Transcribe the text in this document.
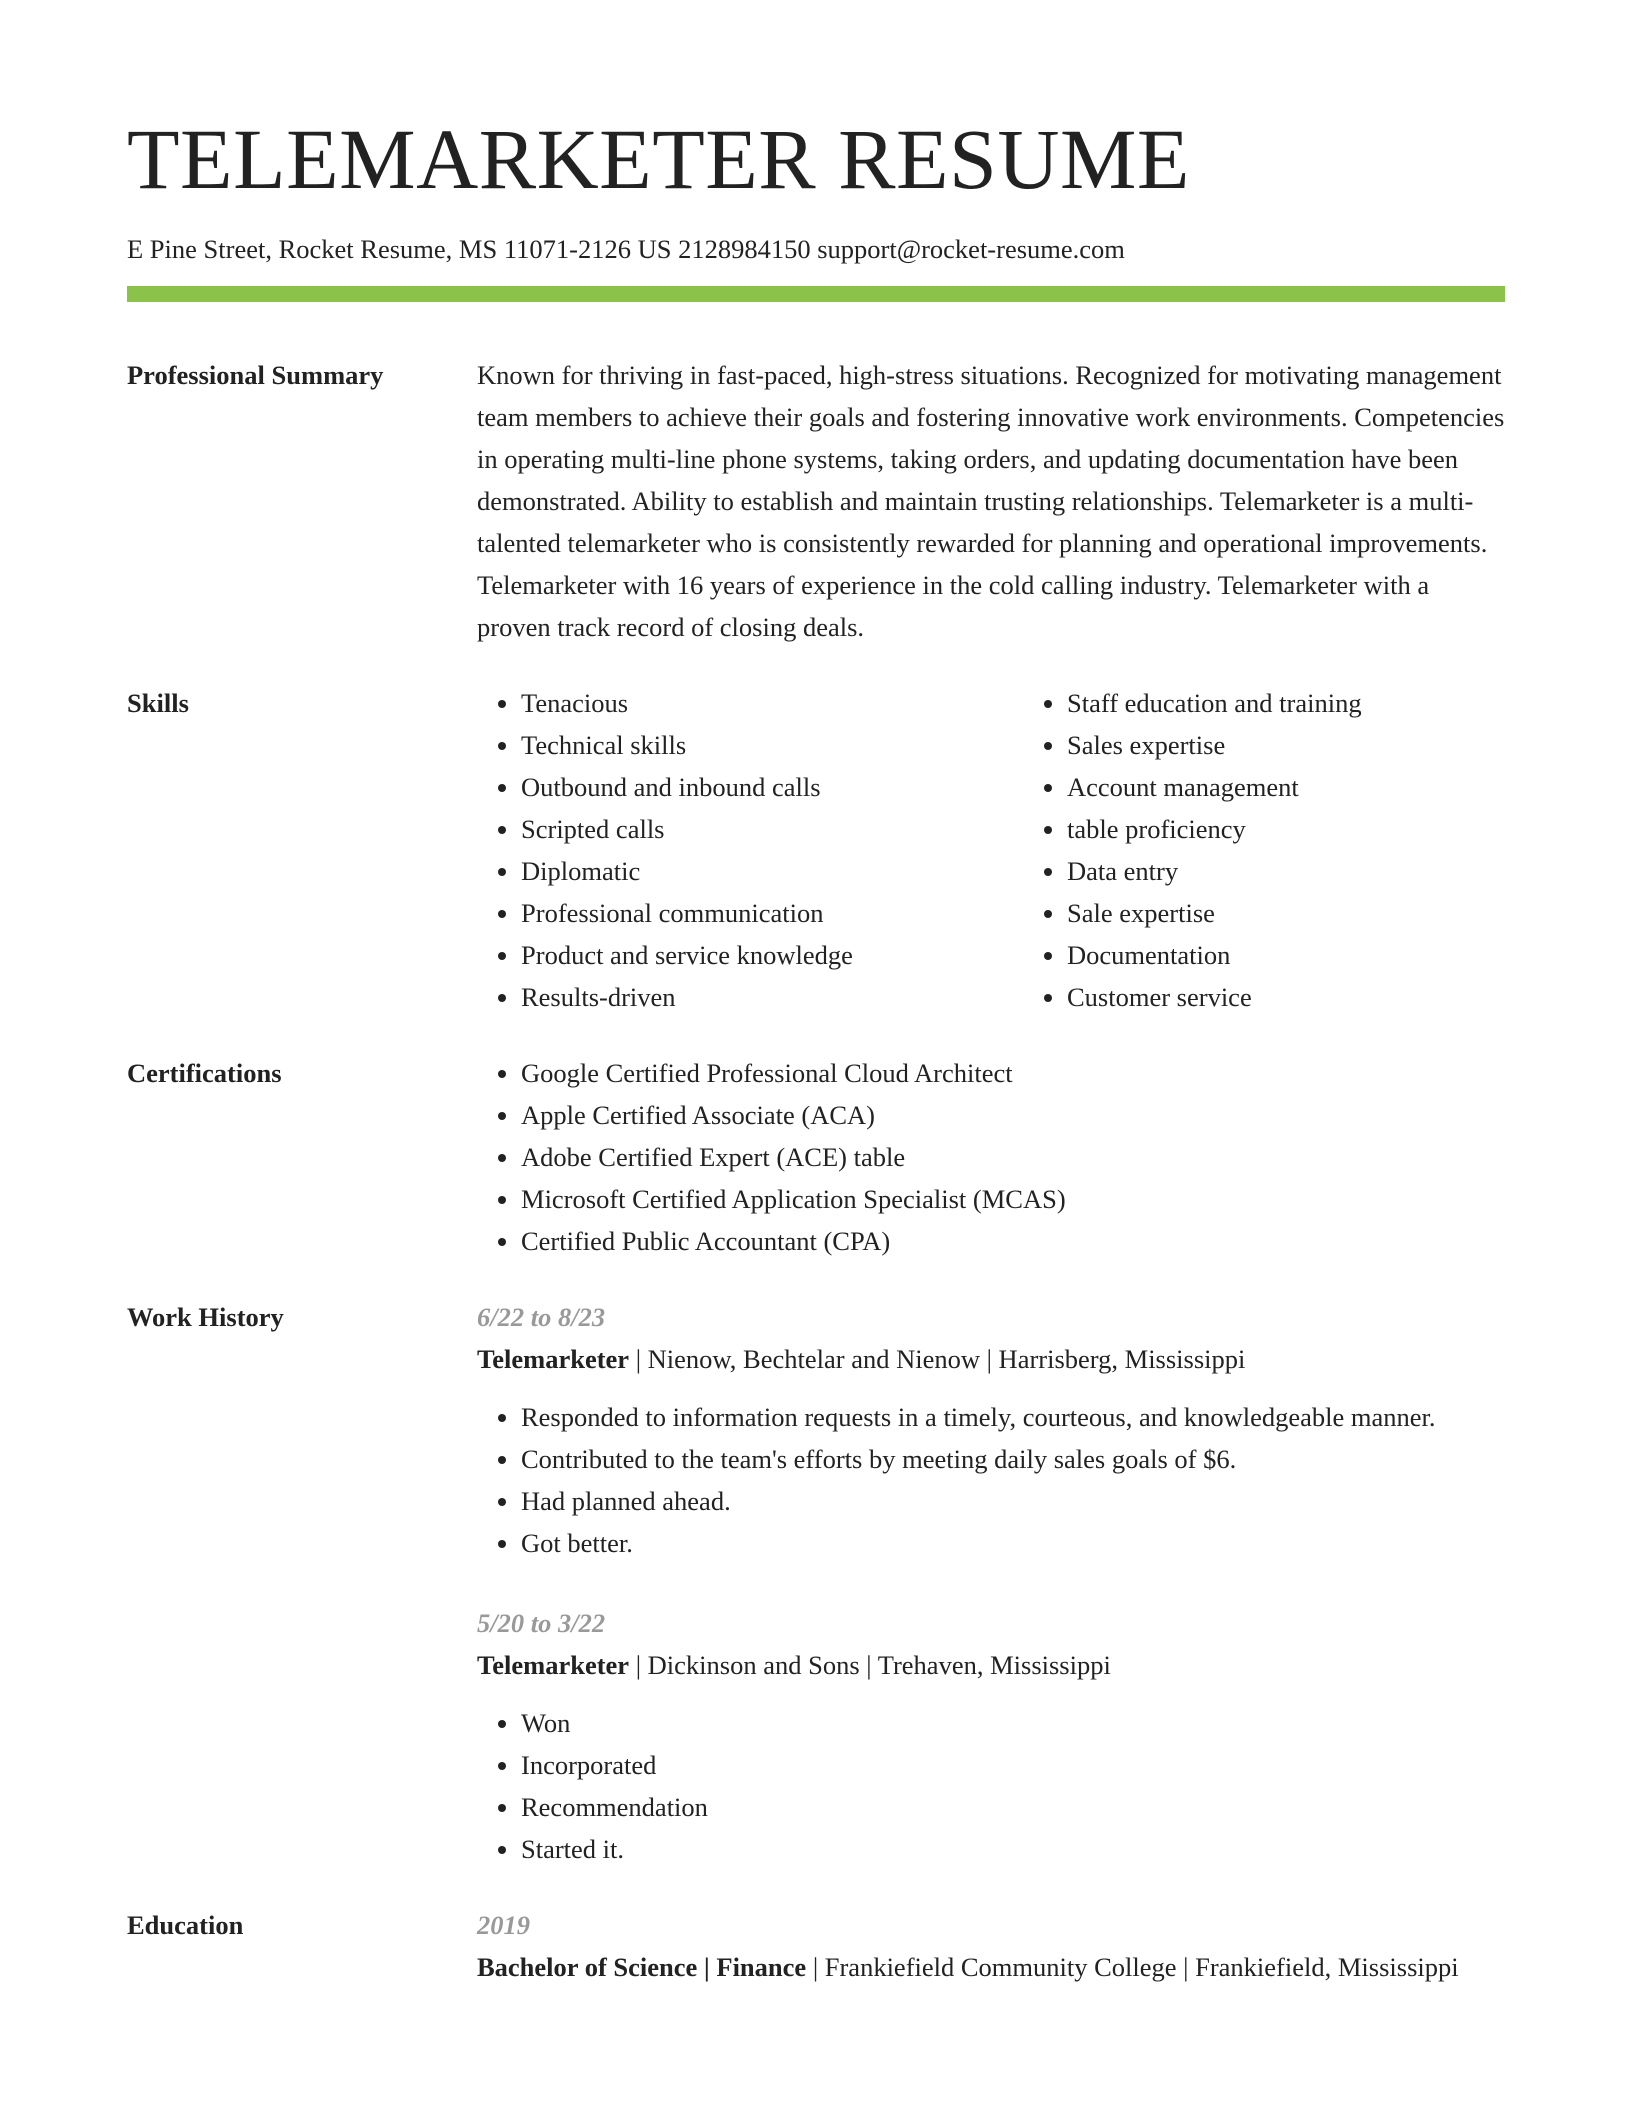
TELEMARKETER RESUME
E Pine Street, Rocket Resume, MS 11071-2126 US 2128984150 support@rocket-resume.com
Professional Summary	Known for thriving in fast-paced, high-stress situations. Recognized for motivating management team members to achieve their goals and fostering innovative work environments. Competencies in operating multi-line phone systems, taking orders, and updating documentation have been demonstrated. Ability to establish and maintain trusting relationships. Telemarketer is a multi-talented telemarketer who is consistently rewarded for planning and operational improvements. Telemarketer with 16 years of experience in the cold calling industry. Telemarketer with a proven track record of closing deals.

Skills	• Tenacious
• Technical skills
• Outbound and inbound calls
• Scripted calls
• Diplomatic
• Professional communication
• Product and service knowledge
• Results-driven
• Staff education and training
• Sales expertise
• Account management
• table proficiency
• Data entry
• Sale expertise
• Documentation
• Customer service
Certifications	• Google Certified Professional Cloud Architect
• Apple Certified Associate (ACA)
• Adobe Certified Expert (ACE) table
• Microsoft Certified Application Specialist (MCAS)
• Certified Public Accountant (CPA)
Work History	6/22 to 8/23
Telemarketer | Nienow, Bechtelar and Nienow | Harrisberg, Mississippi
• Responded to information requests in a timely, courteous, and knowledgeable manner.
• Contributed to the team's efforts by meeting daily sales goals of $6.
• Had planned ahead.
• Got better.
5/20 to 3/22
Telemarketer | Dickinson and Sons | Trehaven, Mississippi
• Won
• Incorporated
• Recommendation
• Started it.
Education	2019
Bachelor of Science | Finance | Frankiefield Community College | Frankiefield, Mississippi
